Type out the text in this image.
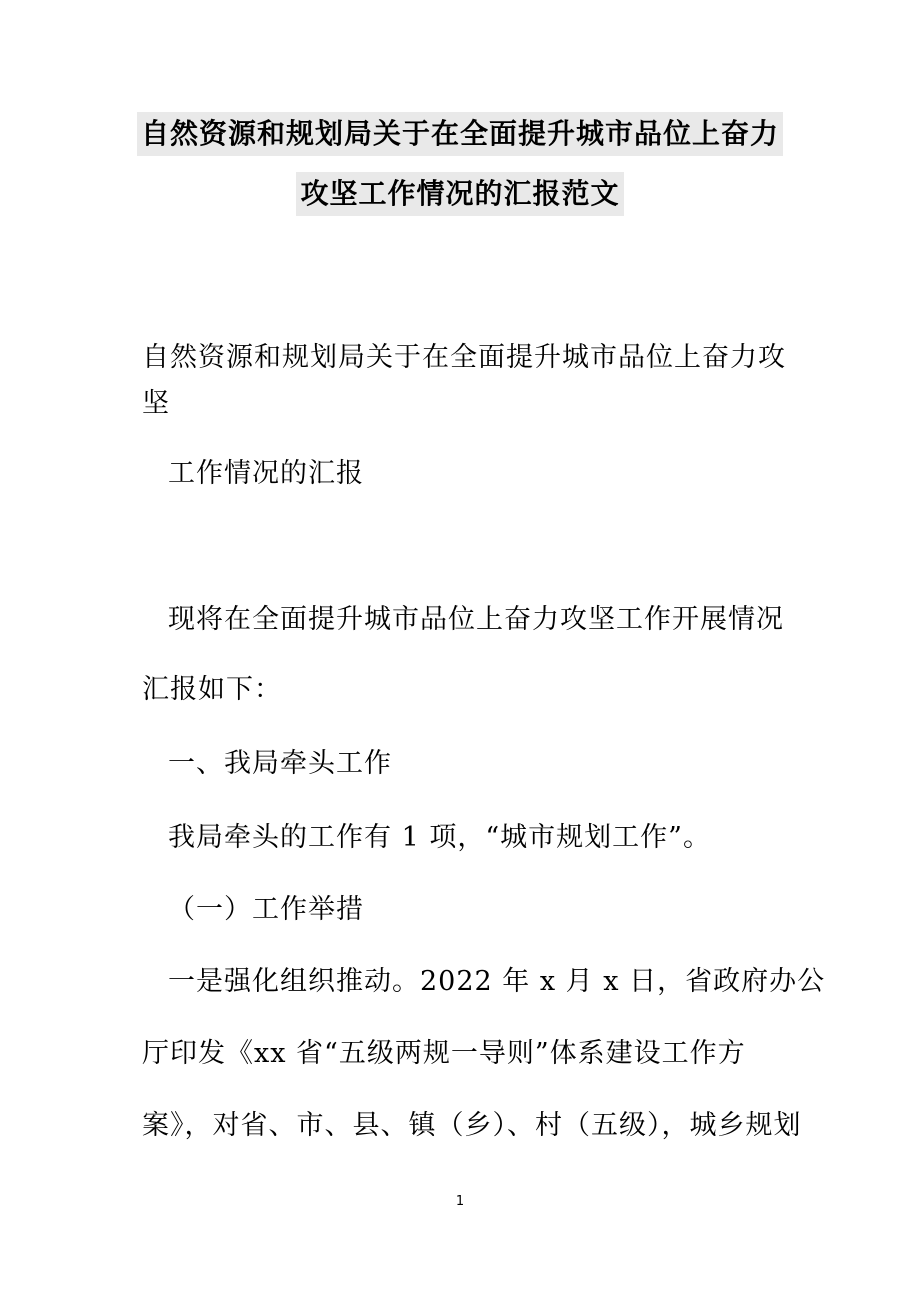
自然资源和规划局关于在全面提升城市品位上奋力
攻坚工作情况的汇报范文
自然资源和规划局关于在全面提升城市品位上奋力攻
坚
工作情况的汇报
现将在全面提升城市品位上奋力攻坚工作开展情况
汇报如下：
一、我局牵头工作
我局牵头的工作有 1 项，“城市规划工作”。
（一）工作举措
一是强化组织推动。2022 年 x 月 x 日，省政府办公
厅印发《xx 省“五级两规一导则”体系建设工作方
案》，对省、市、县、镇（乡）、村（五级），城乡规划
1
